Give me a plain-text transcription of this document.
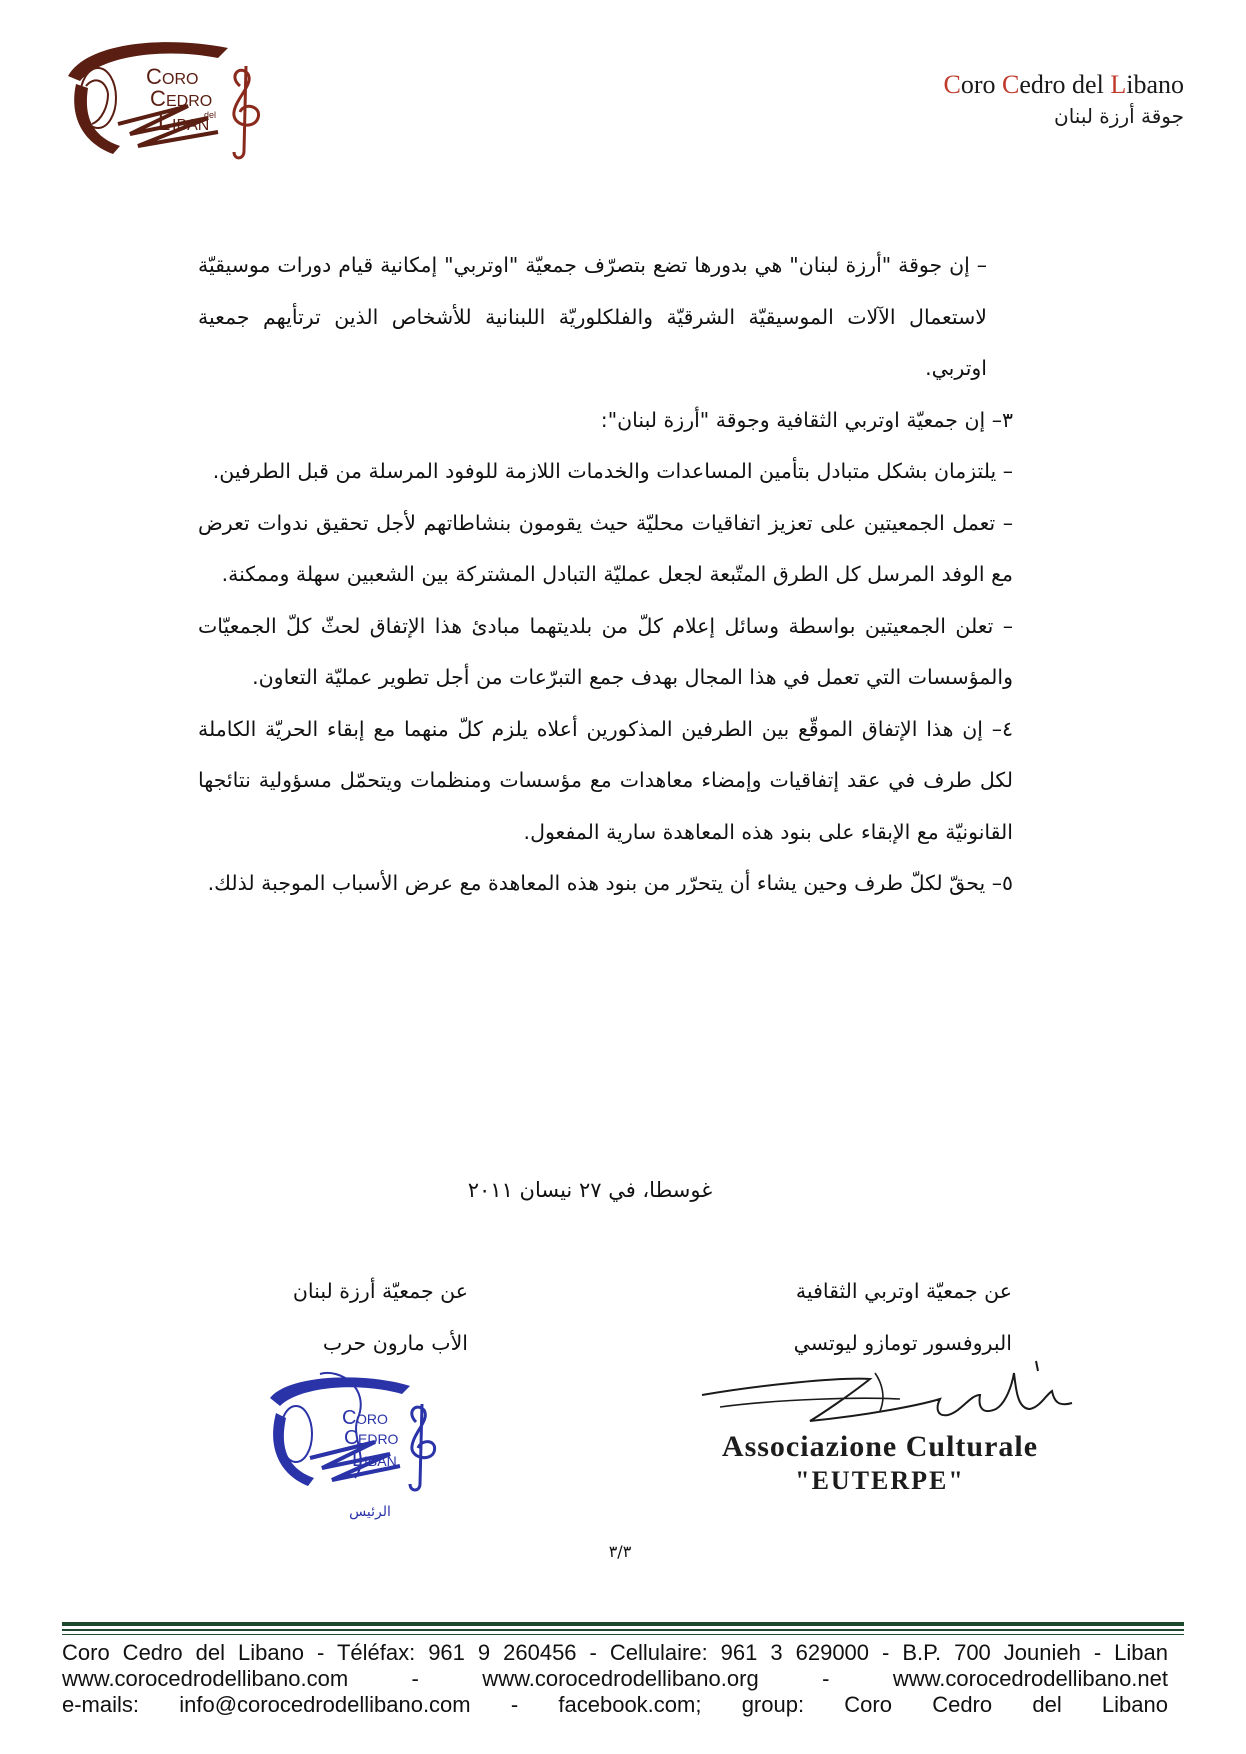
C ORO
C EDRO
del
L IBAN
Coro Cedro del Libano
جوقة أرزة لبنان

– إن جوقة "أرزة لبنان" هي بدورها تضع بتصرّف جمعيّة "اوتربي" إمكانية قيام دورات موسيقيّة لاستعمال الآلات الموسيقيّة الشرقيّة والفلكلوريّة اللبنانية للأشخاص الذين ترتأيهم جمعية اوتربي.

٣– إن جمعيّة اوتربي الثقافية وجوقة "أرزة لبنان":

– يلتزمان بشكل متبادل بتأمين المساعدات والخدمات اللازمة للوفود المرسلة من قبل الطرفين.

– تعمل الجمعيتين على تعزيز اتفاقيات محليّة حيث يقومون بنشاطاتهم لأجل تحقيق ندوات تعرض مع الوفد المرسل كل الطرق المتّبعة لجعل عمليّة التبادل المشتركة بين الشعبين سهلة وممكنة.

– تعلن الجمعيتين بواسطة وسائل إعلام كلّ من بلديتهما مبادئ هذا الإتفاق لحثّ كلّ الجمعيّات والمؤسسات التي تعمل في هذا المجال بهدف جمع التبرّعات من أجل تطوير عمليّة التعاون.

٤– إن هذا الإتفاق الموقّع بين الطرفين المذكورين أعلاه يلزم كلّ منهما مع إبقاء الحريّة الكاملة لكل طرف في عقد إتفاقيات وإمضاء معاهدات مع مؤسسات ومنظمات ويتحمّل مسؤولية نتائجها القانونيّة مع الإبقاء على بنود هذه المعاهدة سارية المفعول.

٥– يحقّ لكلّ طرف وحين يشاء أن يتحرّر من بنود هذه المعاهدة مع عرض الأسباب الموجبة لذلك.

غوسطا، في ٢٧ نيسان ٢٠١١
عن جمعيّة أرزة لبنان
الأب مارون حرب
عن جمعيّة اوتربي الثقافية
البروفسور تومازو ليوتسي
C ORO
C EDRO
L IBAN
الرئيس
Associazione Culturale
"EUTERPE"
٣/٣
Coro Cedro del Libano - Téléfax: 961 9 260456 - Cellulaire: 961 3 629000 - B.P. 700 Jounieh - Liban
www.corocedrodellibano.com - www.corocedrodellibano.org - www.corocedrodellibano.net
e-mails: info@corocedrodellibano.com - facebook.com; group: Coro Cedro del Libano
